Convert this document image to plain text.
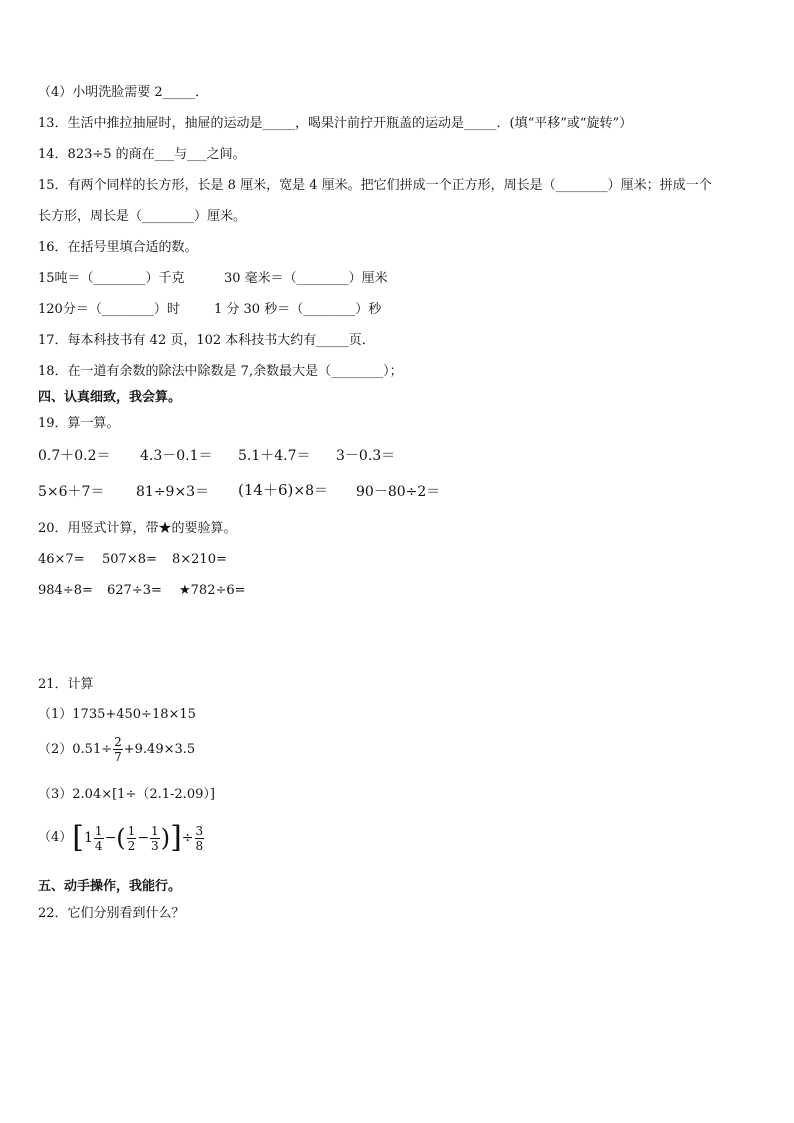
（4）小明洗脸需要 2_____．
13．生活中推拉抽屉时，抽屉的运动是_____，喝果汁前拧开瓶盖的运动是_____．(填“平移”或“旋转”）
14．823÷5 的商在___与___之间。
15．有两个同样的长方形，长是 8 厘米，宽是 4 厘米。把它们拼成一个正方形，周长是（________）厘米；拼成一个
长方形，周长是（________）厘米。
16．在括号里填合适的数。
15吨＝（________）千克	30 毫米＝（________）厘米
120分＝（________）时	1 分 30 秒＝（________）秒
17．每本科技书有 42 页，102 本科技书大约有_____页．
18．在一道有余数的除法中除数是 7,余数最大是（________）；
四、认真细致，我会算。
19．算一算。
0.7＋0.2＝ 4.3－0.1＝ 5.1＋4.7＝ 3－0.3＝
5×6＋7＝ 81÷9×3＝ (14＋6)×8＝ 90－80÷2＝
20．用竖式计算，带★的要验算。
46×7= 507×8= 8×210=
984÷8= 627÷3= ★782÷6=
21．计算
（1）1735+450÷18×15
$(2)0.51\div \frac{2}{7} +9.49\times 3.5$
（3）2.04×[1÷（2.1-2.09）]
（4） [ $1 \frac{1}{4}$ − ( $\frac{1}{2} - \frac{1}{3}$ ) ] ÷ $\frac{3}{8}$
五、动手操作，我能行。
22．它们分别看到什么？
